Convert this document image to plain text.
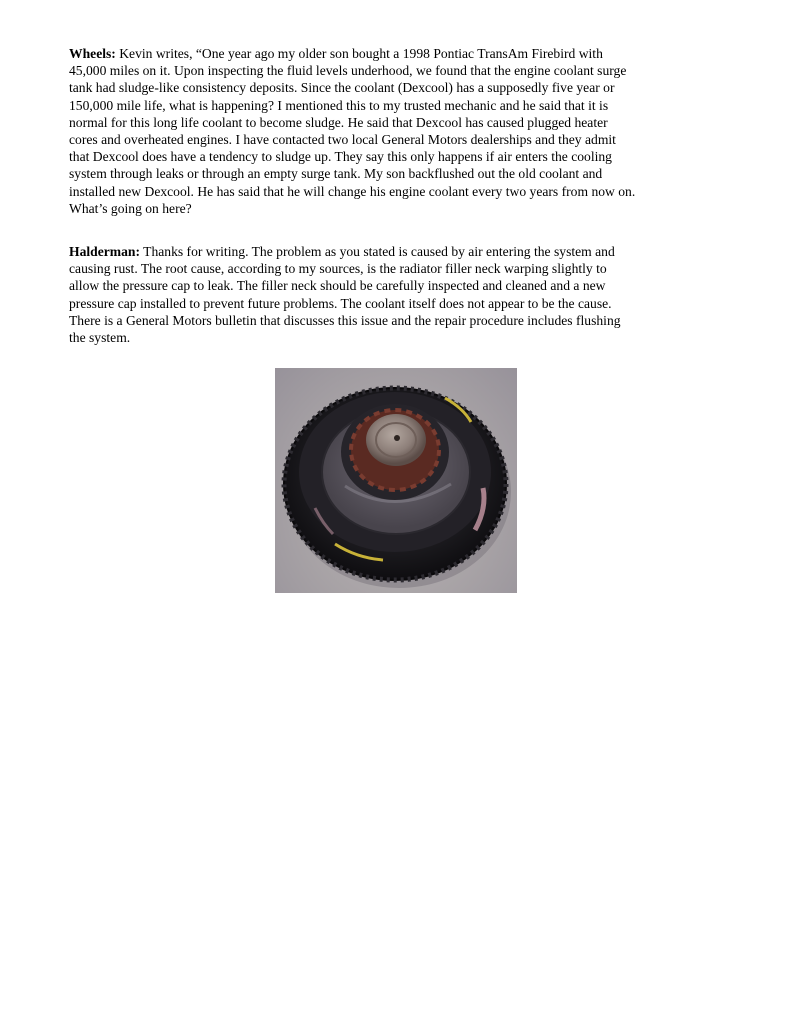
Wheels: Kevin writes, “One year ago my older son bought a 1998 Pontiac TransAm Firebird with
45,000 miles on it. Upon inspecting the fluid levels underhood, we found that the engine coolant surge
tank had sludge-like consistency deposits. Since the coolant (Dexcool) has a supposedly five year or
150,000 mile life, what is happening? I mentioned this to my trusted mechanic and he said that it is
normal for this long life coolant to become sludge. He said that Dexcool has caused plugged heater
cores and overheated engines. I have contacted two local General Motors dealerships and they admit
that Dexcool does have a tendency to sludge up. They say this only happens if air enters the cooling
system through leaks or through an empty surge tank. My son backflushed out the old coolant and
installed new Dexcool. He has said that he will change his engine coolant every two years from now on.
What’s going on here?
Halderman: Thanks for writing. The problem as you stated is caused by air entering the system and
causing rust. The root cause, according to my sources, is the radiator filler neck warping slightly to
allow the pressure cap to leak. The filler neck should be carefully inspected and cleaned and a new
pressure cap installed to prevent future problems. The coolant itself does not appear to be the cause.
There is a General Motors bulletin that discusses this issue and the repair procedure includes flushing
the system.
